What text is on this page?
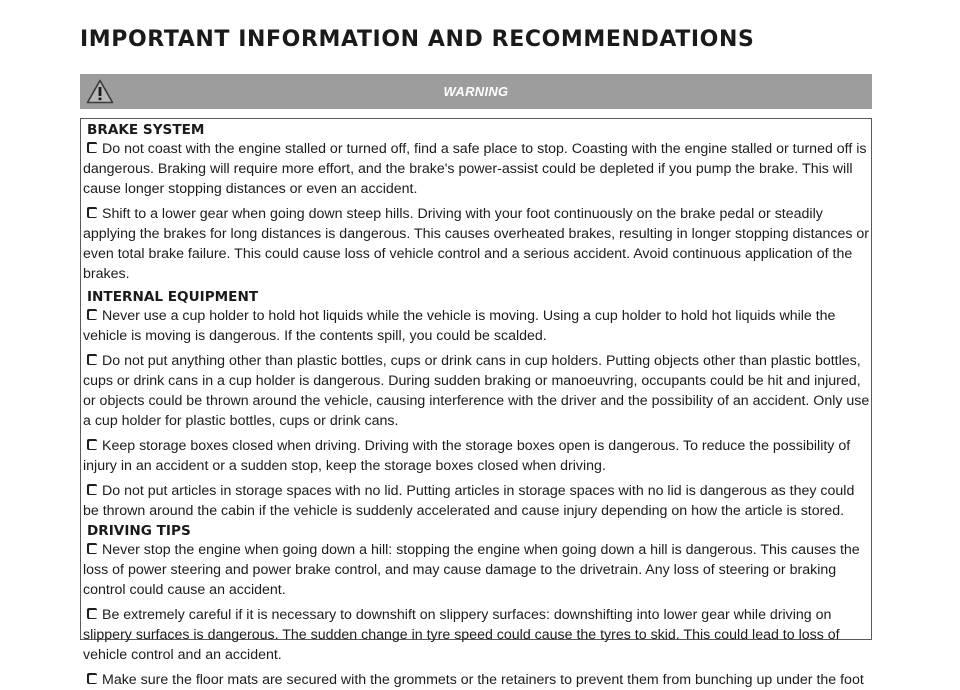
IMPORTANT INFORMATION AND RECOMMENDATIONS
WARNING
BRAKE SYSTEM

Do not coast with the engine stalled or turned off, find a safe place to stop. Coasting with the engine stalled or turned off is dangerous. Braking will require more effort, and the brake's power-assist could be depleted if you pump the brake. This will cause longer stopping distances or even an accident.

Shift to a lower gear when going down steep hills. Driving with your foot continuously on the brake pedal or steadily applying the brakes for long distances is dangerous. This causes overheated brakes, resulting in longer stopping distances or even total brake failure. This could cause loss of vehicle control and a serious accident. Avoid continuous application of the brakes.

INTERNAL EQUIPMENT

Never use a cup holder to hold hot liquids while the vehicle is moving. Using a cup holder to hold hot liquids while the vehicle is moving is dangerous. If the contents spill, you could be scalded.

Do not put anything other than plastic bottles, cups or drink cans in cup holders. Putting objects other than plastic bottles, cups or drink cans in a cup holder is dangerous. During sudden braking or manoeuvring, occupants could be hit and injured, or objects could be thrown around the vehicle, causing interference with the driver and the possibility of an accident. Only use a cup holder for plastic bottles, cups or drink cans.

Keep storage boxes closed when driving. Driving with the storage boxes open is dangerous. To reduce the possibility of injury in an accident or a sudden stop, keep the storage boxes closed when driving.

Do not put articles in storage spaces with no lid. Putting articles in storage spaces with no lid is dangerous as they could be thrown around the cabin if the vehicle is suddenly accelerated and cause injury depending on how the article is stored.

DRIVING TIPS

Never stop the engine when going down a hill: stopping the engine when going down a hill is dangerous. This causes the loss of power steering and power brake control, and may cause damage to the drivetrain. Any loss of steering or braking control could cause an accident.

Be extremely careful if it is necessary to downshift on slippery surfaces: downshifting into lower gear while driving on slippery surfaces is dangerous. The sudden change in tyre speed could cause the tyres to skid. This could lead to loss of vehicle control and an accident.

Make sure the floor mats are secured with the grommets or the retainers to prevent them from bunching up under the foot
